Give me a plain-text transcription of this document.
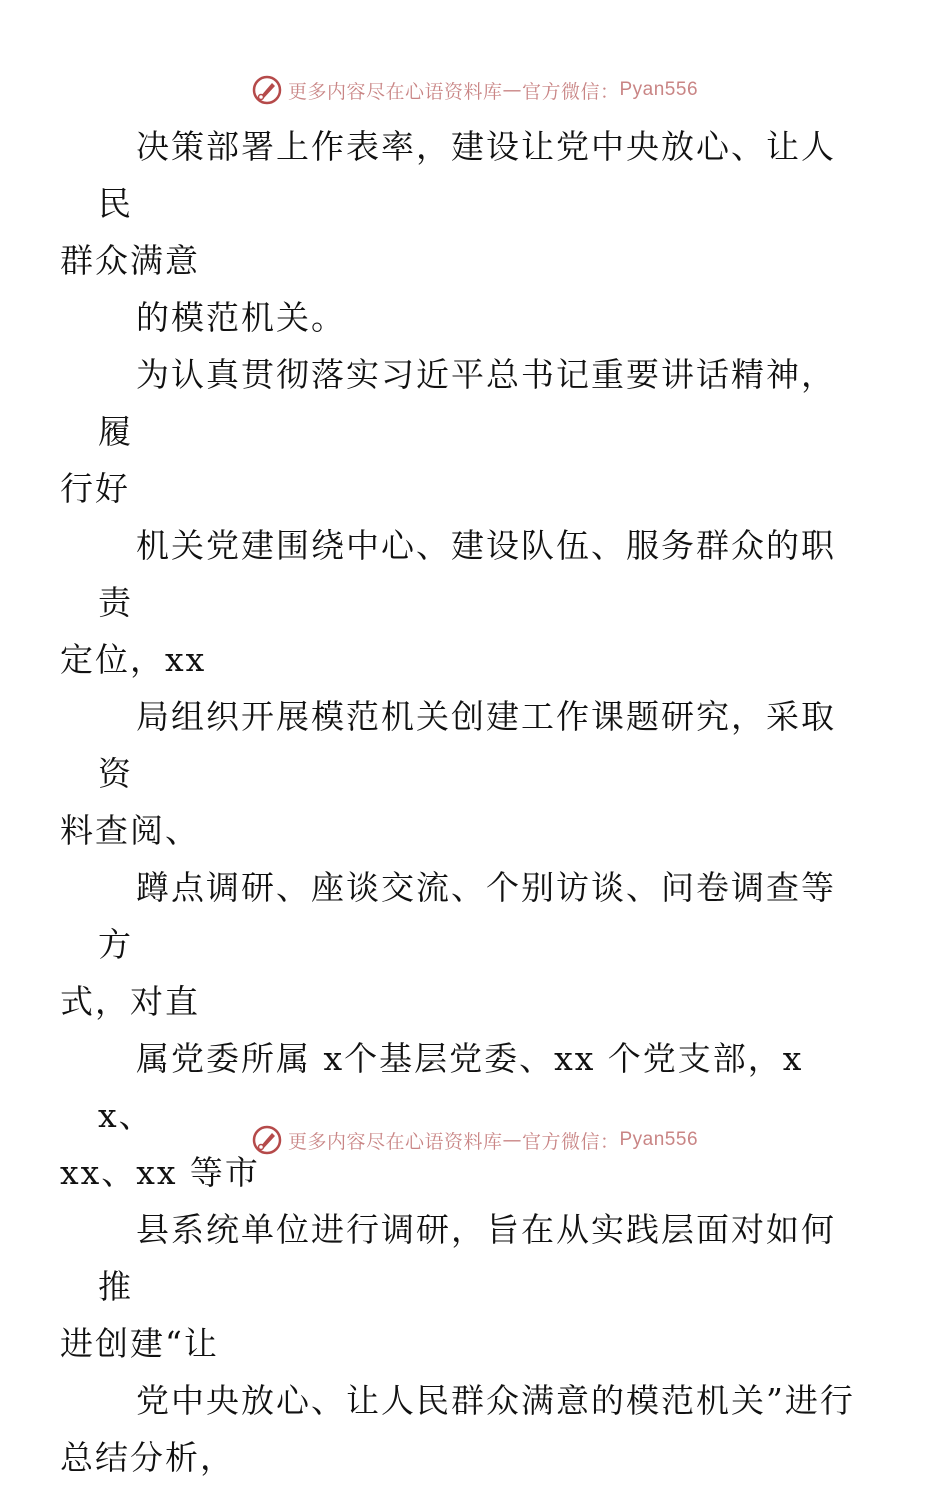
更多内容尽在心语资料库 — 官方微信： Pyan556

决策部署上作表率，建设让党中央放心、让人民
群众满意

的模范机关。

为认真贯彻落实习近平总书记重要讲话精神，履
行好

机关党建围绕中心、建设队伍、服务群众的职责
定位，xx

局组织开展模范机关创建工作课题研究，采取资
料查阅、

蹲点调研、座谈交流、个别访谈、问卷调查等方
式，对直

属党委所属 x个基层党委、xx 个党支部，xx、
xx、xx 等市

县系统单位进行调研，旨在从实践层面对如何推
进创建“让

党中央放心、让人民群众满意的模范机关”进行
总结分析，

更多内容尽在心语资料库 — 官方微信： Pyan556
